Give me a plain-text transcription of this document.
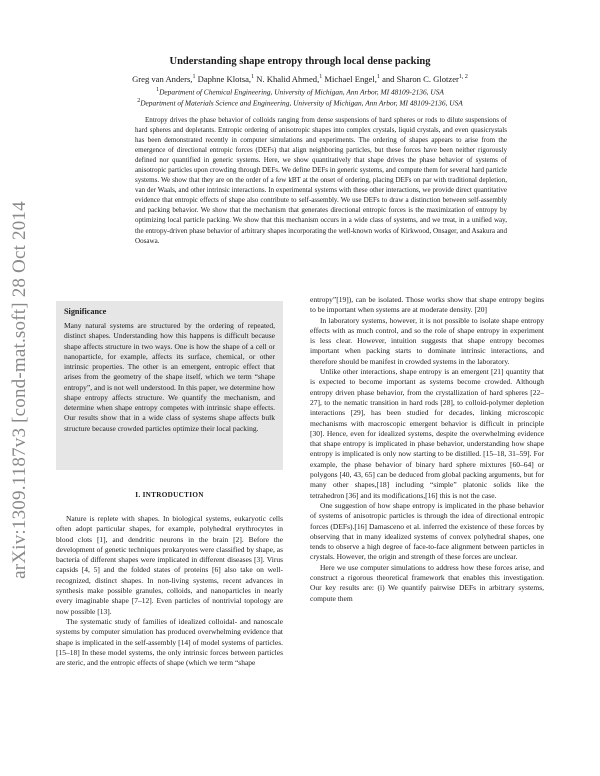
arXiv:1309.1187v3 [cond-mat.soft] 28 Oct 2014
Understanding shape entropy through local dense packing
Greg van Anders,$^1$ Daphne Klotsa,$^1$ N. Khalid Ahmed,$^1$ Michael Engel,$^1$ and Sharon C. Glotzer$^{1, 2}$
$^1$Department of Chemical Engineering, University of Michigan, Ann Arbor, MI 48109-2136, USA
$^2$Department of Materials Science and Engineering, University of Michigan, Ann Arbor, MI 48109-2136, USA

Entropy drives the phase behavior of colloids ranging from dense suspensions of hard spheres or rods to dilute suspensions of hard spheres and depletants. Entropic ordering of anisotropic shapes into complex crystals, liquid crystals, and even quasicrystals has been demonstrated recently in computer simulations and experiments. The ordering of shapes appears to arise from the emergence of directional entropic forces (DEFs) that align neighboring particles, but these forces have been neither rigorously defined nor quantified in generic systems. Here, we show quantitatively that shape drives the phase behavior of systems of anisotropic particles upon crowding through DEFs. We define DEFs in generic systems, and compute them for several hard particle systems. We show that they are on the order of a few kBT at the onset of ordering, placing DEFs on par with traditional depletion, van der Waals, and other intrinsic interactions. In experimental systems with these other interactions, we provide direct quantitative evidence that entropic effects of shape also contribute to self-assembly. We use DEFs to draw a distinction between self-assembly and packing behavior. We show that the mechanism that generates directional entropic forces is the maximization of entropy by optimizing local particle packing. We show that this mechanism occurs in a wide class of systems, and we treat, in a unified way, the entropy-driven phase behavior of arbitrary shapes incorporating the well-known works of Kirkwood, Onsager, and Asakura and Oosawa.

Significance

Many natural systems are structured by the ordering of repeated, distinct shapes. Understanding how this happens is difficult because shape affects structure in two ways. One is how the shape of a cell or nanoparticle, for example, affects its surface, chemical, or other intrinsic properties. The other is an emergent, entropic effect that arises from the geometry of the shape itself, which we term “shape entropy”, and is not well understood. In this paper, we determine how shape entropy affects structure. We quantify the mechanism, and determine when shape entropy competes with intrinsic shape effects. Our results show that in a wide class of systems shape affects bulk structure because crowded particles optimize their local packing.

I. INTRODUCTION

Nature is replete with shapes. In biological systems, eukaryotic cells often adopt particular shapes, for example, polyhedral erythrocytes in blood clots [1], and dendritic neurons in the brain [2]. Before the development of genetic techniques prokaryotes were classified by shape, as bacteria of different shapes were implicated in different diseases [3]. Virus capsids [4, 5] and the folded states of proteins [6] also take on well-recognized, distinct shapes. In non-living systems, recent advances in synthesis make possible granules, colloids, and nanoparticles in nearly every imaginable shape [7–12]. Even particles of nontrivial topology are now possible [13].

The systematic study of families of idealized colloidal- and nanoscale systems by computer simulation has produced overwhelming evidence that shape is implicated in the self-assembly [14] of model systems of particles. [15–18] In these model systems, the only intrinsic forces between particles are steric, and the entropic effects of shape (which we term “shape

entropy”[19]), can be isolated. Those works show that shape entropy begins to be important when systems are at moderate density. [20]

In laboratory systems, however, it is not possible to isolate shape entropy effects with as much control, and so the role of shape entropy in experiment is less clear. However, intuition suggests that shape entropy becomes important when packing starts to dominate intrinsic interactions, and therefore should be manifest in crowded systems in the laboratory.

Unlike other interactions, shape entropy is an emergent [21] quantity that is expected to become important as systems become crowded. Although entropy driven phase behavior, from the crystallization of hard spheres [22–27], to the nematic transition in hard rods [28], to colloid-polymer depletion interactions [29], has been studied for decades, linking microscopic mechanisms with macroscopic emergent behavior is difficult in principle [30]. Hence, even for idealized systems, despite the overwhelming evidence that shape entropy is implicated in phase behavior, understanding how shape entropy is implicated is only now starting to be distilled. [15–18, 31–59]. For example, the phase behavior of binary hard sphere mixtures [60–64] or polygons [40, 43, 65] can be deduced from global packing arguments, but for many other shapes,[18] including “simple” platonic solids like the tetrahedron [36] and its modifications,[16] this is not the case.

One suggestion of how shape entropy is implicated in the phase behavior of systems of anisotropic particles is through the idea of directional entropic forces (DEFs).[16] Damasceno et al. inferred the existence of these forces by observing that in many idealized systems of convex polyhedral shapes, one tends to observe a high degree of face-to-face alignment between particles in crystals. However, the origin and strength of these forces are unclear.

Here we use computer simulations to address how these forces arise, and construct a rigorous theoretical framework that enables this investigation. Our key results are: (i) We quantify pairwise DEFs in arbitrary systems, compute them
